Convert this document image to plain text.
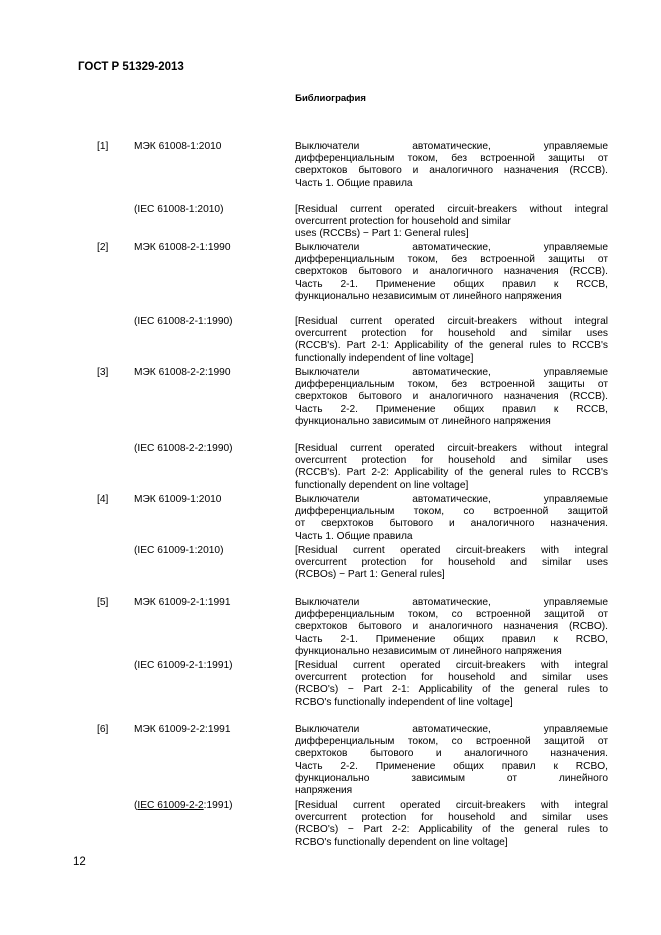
ГОСТ Р 51329-2013
Библиография
[1]	МЭК 61008-1:2010	Выключатели автоматические, управляемые
дифференциальным током, без встроенной защиты от
сверхтоков бытового и аналогичного назначения (RCCB).
Часть 1. Общие правила
(IEC 61008-1:2010)	[Residual current operated circuit-breakers without integral
overcurrent protection for household and similar
uses (RCCBs) − Part 1: General rules]
[2]	МЭК 61008-2-1:1990	Выключатели автоматические, управляемые
дифференциальным током, без встроенной защиты от
сверхтоков бытового и аналогичного назначения (RCCB).
Часть 2-1. Применение общих правил к RCCB,
функционально независимым от линейного напряжения
(IEC 61008-2-1:1990)	[Residual current operated circuit-breakers without integral
overcurrent protection for household and similar uses
(RCCB's). Part 2-1: Applicability of the general rules to RCCB's
functionally independent of line voltage]
[3]	МЭК 61008-2-2:1990	Выключатели автоматические, управляемые
дифференциальным током, без встроенной защиты от
сверхтоков бытового и аналогичного назначения (RCCB).
Часть 2-2. Применение общих правил к RCCB,
функционально зависимым от линейного напряжения
(IEC 61008-2-2:1990)	[Residual current operated circuit-breakers without integral
overcurrent protection for household and similar uses
(RCCB's). Part 2-2: Applicability of the general rules to RCCB's
functionally dependent on line voltage]
[4]	МЭК 61009-1:2010	Выключатели автоматические, управляемые
дифференциальным током, со встроенной защитой
от сверхтоков бытового и аналогичного назначения.
Часть 1. Общие правила
(IEC 61009-1:2010)	[Residual current operated circuit-breakers with integral
overcurrent protection for household and similar uses
(RCBOs) − Part 1: General rules]
[5]	МЭК 61009-2-1:1991	Выключатели автоматические, управляемые
дифференциальным током, со встроенной защитой от
сверхтоков бытового и аналогичного назначения (RCBO).
Часть 2-1. Применение общих правил к RCBO,
функционально независимым от линейного напряжения
(IEC 61009-2-1:1991)	[Residual current operated circuit-breakers with integral
overcurrent protection for household and similar uses
(RCBO's) − Part 2-1: Applicability of the general rules to
RCBO's functionally independent of line voltage]
[6]	МЭК 61009-2-2:1991	Выключатели автоматические, управляемые
дифференциальным током, со встроенной защитой от
сверхтоков бытового и аналогичного назначения.
Часть 2-2. Применение общих правил к RCBO,
функционально зависимым от линейного
напряжения
(IEC 61009-2-2:1991)	[Residual current operated circuit-breakers with integral
overcurrent protection for household and similar uses
(RCBO's) − Part 2-2: Applicability of the general rules to
RCBO's functionally dependent on line voltage]
12
